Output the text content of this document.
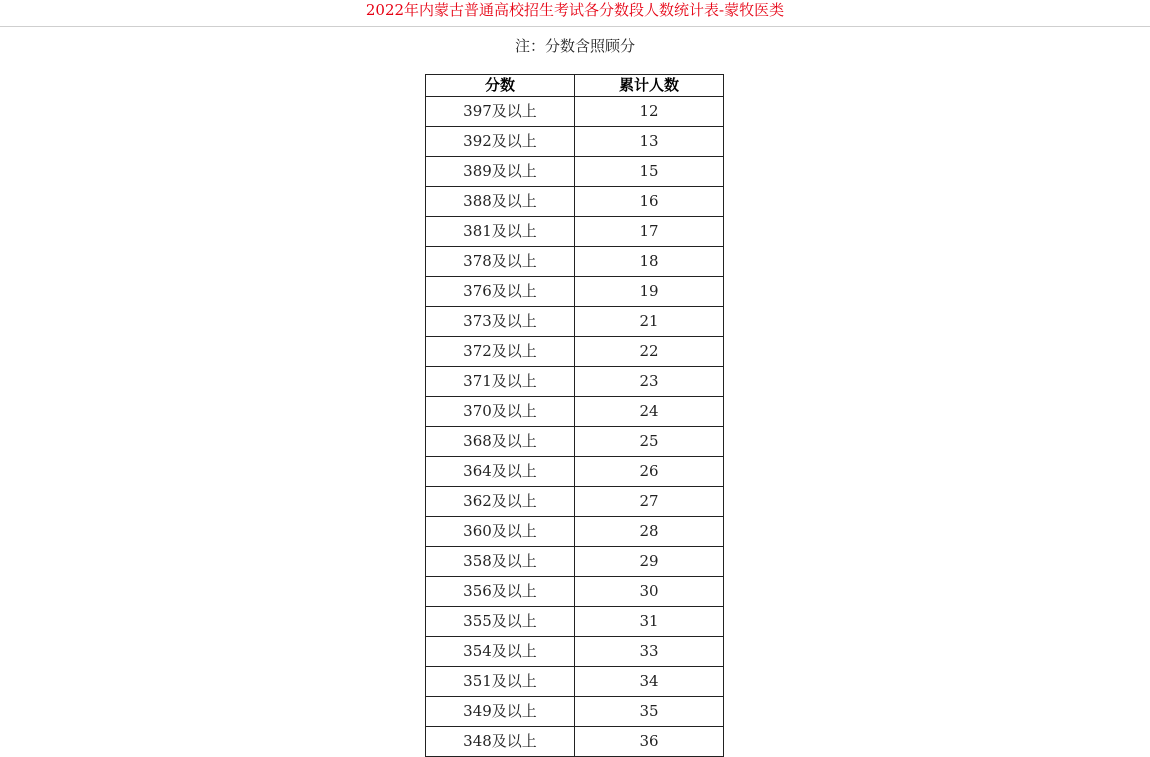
2022年内蒙古普通高校招生考试各分数段人数统计表-蒙牧医类
注：分数含照顾分
分数	累计人数
397及以上	12
392及以上	13
389及以上	15
388及以上	16
381及以上	17
378及以上	18
376及以上	19
373及以上	21
372及以上	22
371及以上	23
370及以上	24
368及以上	25
364及以上	26
362及以上	27
360及以上	28
358及以上	29
356及以上	30
355及以上	31
354及以上	33
351及以上	34
349及以上	35
348及以上	36
